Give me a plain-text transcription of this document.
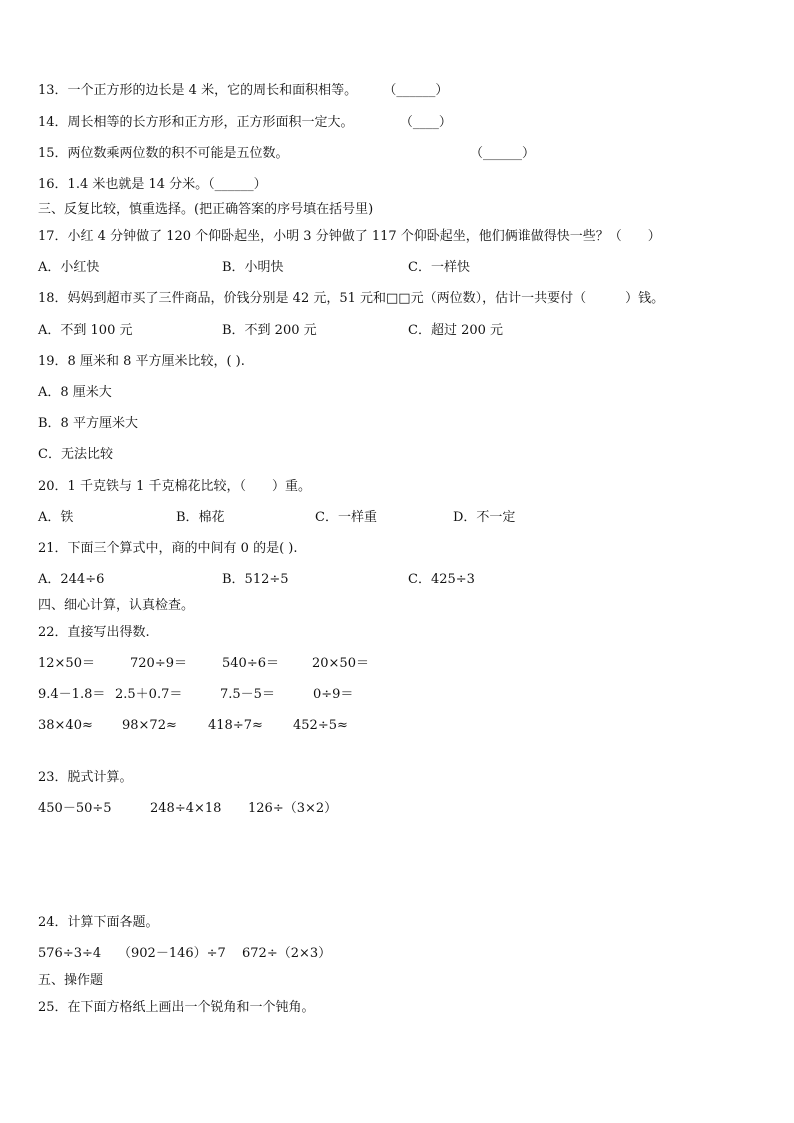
13．一个正方形的边长是 4 米，它的周长和面积相等。 （______）
14．周长相等的长方形和正方形，正方形面积一定大。	（____）
15．两位数乘两位数的积不可能是五位数。	（______）
16．1.4 米也就是 14 分米。（______）
三、反复比较，慎重选择。(把正确答案的序号填在括号里)
17．小红 4 分钟做了 120 个仰卧起坐，小明 3 分钟做了 117 个仰卧起坐，他们俩谁做得快一些？（　　）
A．小红快	B．小明快	C．一样快
18．妈妈到超市买了三件商品，价钱分别是 42 元，51 元和□□元（两位数），估计一共要付（　　　）钱。
A．不到 100 元	B．不到 200 元	C．超过 200 元
19．8 厘米和 8 平方厘米比较，( ).
A．8 厘米大
B．8 平方厘米大
C．无法比较
20．1 千克铁与 1 千克棉花比较，（　　）重。
A．铁	B．棉花	C．一样重	D．不一定
21．下面三个算式中，商的中间有 0 的是( ).
A．244÷6	B．512÷5	C．425÷3
四、细心计算，认真检查。
22．直接写出得数.
12×50＝	720÷9＝	540÷6＝	20×50＝
9.4－1.8＝ 2.5＋0.7＝	7.5－5＝	0÷9＝
38×40≈ 98×72≈ 418÷7≈ 452÷5≈
23．脱式计算。
450－50÷5	248÷4×18 126÷（3×2）
24．计算下面各题。
576÷3÷4 （902－146）÷7 672÷（2×3）
五、操作题
25．在下面方格纸上画出一个锐角和一个钝角。
